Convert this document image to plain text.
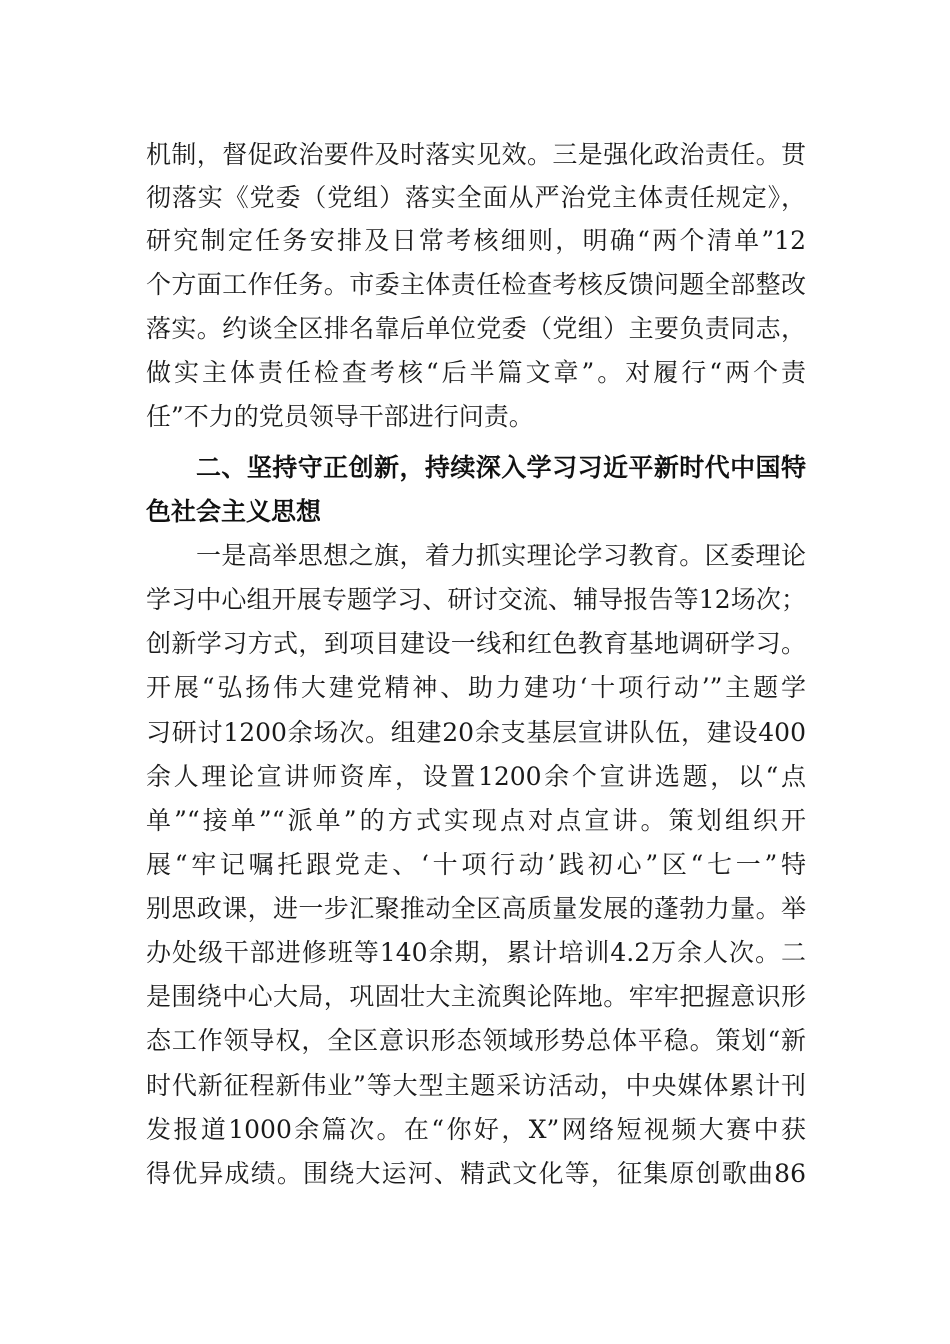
机制，督促政治要件及时落实见效。三是强化政治责任。贯
彻落实《党委（党组）落实全面从严治党主体责任规定》，
研究制定任务安排及日常考核细则，明确“两个清单”12
个方面工作任务。市委主体责任检查考核反馈问题全部整改
落实。约谈全区排名靠后单位党委（党组）主要负责同志，
做实主体责任检查考核“后半篇文章”。对履行“两个责
任”不力的党员领导干部进行问责。
二、坚持守正创新，持续深入学习习近平新时代中国特
色社会主义思想
一是高举思想之旗，着力抓实理论学习教育。区委理论
学习中心组开展专题学习、研讨交流、辅导报告等12场次；
创新学习方式，到项目建设一线和红色教育基地调研学习。
开展“弘扬伟大建党精神、助力建功‘十项行动’”主题学
习研讨1200余场次。组建20余支基层宣讲队伍，建设400
余人理论宣讲师资库，设置1200余个宣讲选题，以“点
单”“接单”“派单”的方式实现点对点宣讲。策划组织开
展“牢记嘱托跟党走、‘十项行动’践初心”区“七一”特
别思政课，进一步汇聚推动全区高质量发展的蓬勃力量。举
办处级干部进修班等140余期，累计培训4.2万余人次。二
是围绕中心大局，巩固壮大主流舆论阵地。牢牢把握意识形
态工作领导权，全区意识形态领域形势总体平稳。策划“新
时代新征程新伟业”等大型主题采访活动，中央媒体累计刊
发报道1000余篇次。在“你好，X”网络短视频大赛中获
得优异成绩。围绕大运河、精武文化等，征集原创歌曲86
